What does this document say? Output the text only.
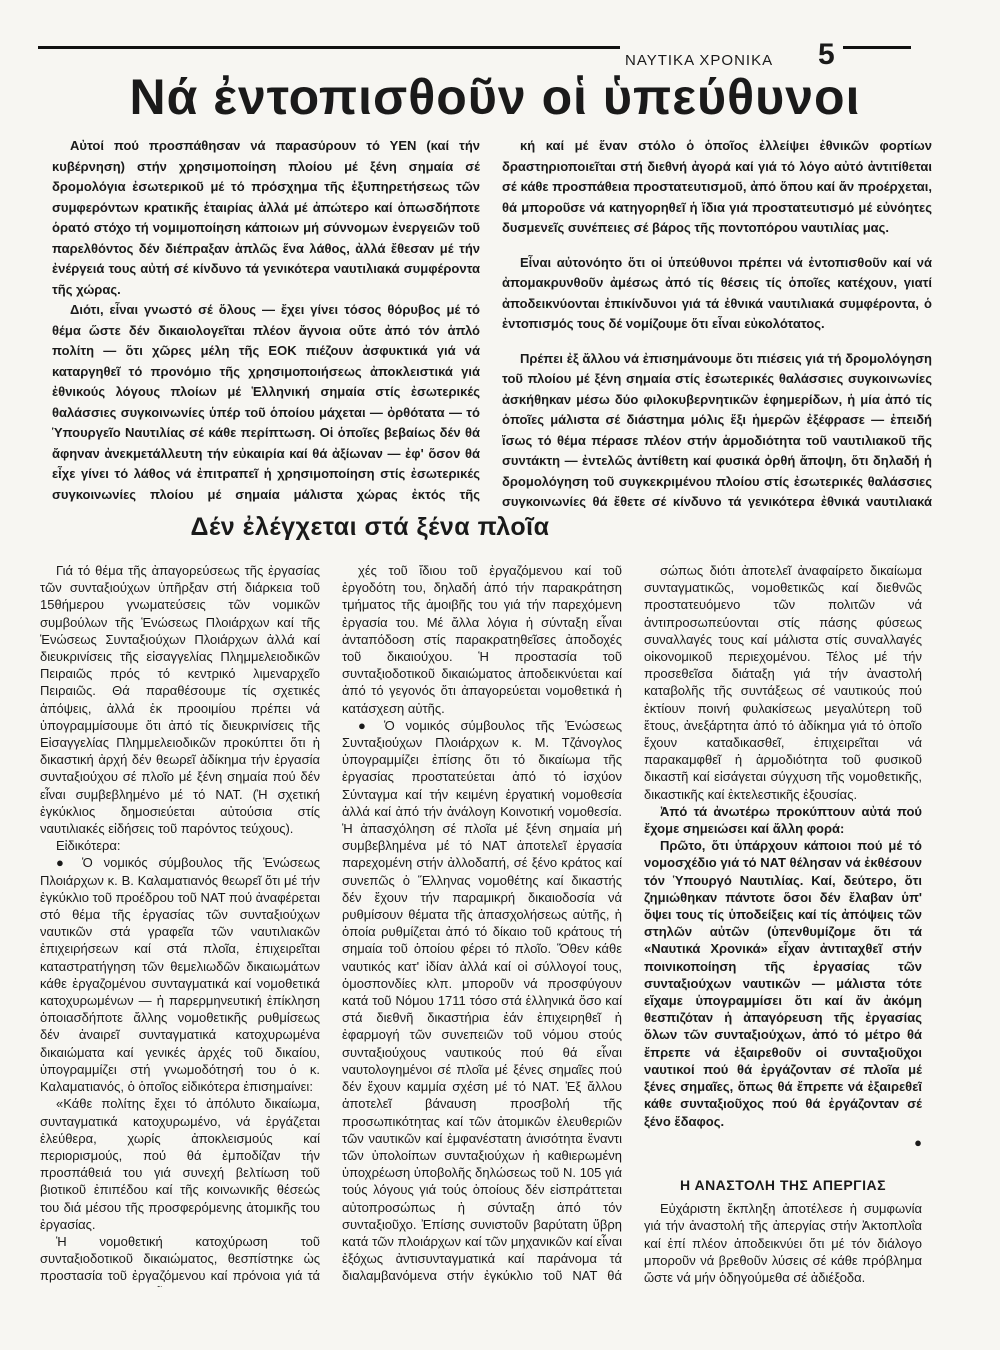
ΝΑΥΤΙΚΑ ΧΡΟΝΙΚΑ 5
Νά ἐντοπισθοῦν οἱ ὑπεύθυνοι

Αὐτοί πού προσπάθησαν νά παρασύρουν τό ΥΕΝ (καί τήν κυβέρνηση) στήν χρησιμοποίηση πλοίου μέ ξένη σημαία σέ δρομολόγια ἐσωτερικοῦ μέ τό πρόσχημα τῆς ἐξυπηρετήσεως τῶν συμφερόντων κρατικῆς ἑταιρίας ἀλλά μέ ἀπώτερο καί ὁπωσδήποτε ὁρατό στόχο τή νομιμοποίηση κάποιων μή σύννομων ἐνεργειῶν τοῦ παρελθόντος δέν διέπραξαν ἁπλῶς ἕνα λάθος, ἀλλά ἔθεσαν μέ τήν ἐνέργειά τους αὐτή σέ κίνδυνο τά γενικότερα ναυτιλιακά συμφέροντα τῆς χώρας.

Διότι, εἶναι γνωστό σέ ὅλους — ἔχει γίνει τόσος θόρυβος μέ τό θέμα ὥστε δέν δικαιολογεῖται πλέον ἄγνοια οὔτε ἀπό τόν ἁπλό πολίτη — ὅτι χῶρες μέλη τῆς ΕΟΚ πιέζουν ἀσφυκτικά γιά νά καταργηθεῖ τό προνόμιο τῆς χρησιμοποιήσεως ἀποκλειστικά γιά ἐθνικούς λόγους πλοίων μέ Ἑλληνική σημαία στίς ἐσωτερικές θαλάσσιες συγκοινωνίες ὑπέρ τοῦ ὁποίου μάχεται — ὀρθότατα — τό Ὑπουργεῖο Ναυτιλίας σέ κάθε περίπτωση. Οἱ ὁποῖες βεβαίως δέν θά ἄφηναν ἀνεκμετάλλευτη τήν εὐκαιρία καί θά ἀξίωναν — ἐφ' ὅσον θά εἶχε γίνει τό λάθος νά ἐπιτραπεῖ ἡ χρησιμοποίηση στίς ἐσωτερικές συγκοινωνίες πλοίου μέ σημαία μάλιστα χώρας ἐκτός τῆς

κή καί μέ ἕναν στόλο ὁ ὁποῖος ἐλλείψει ἐθνικῶν φορτίων δραστηριοποιεῖται στή διεθνή ἀγορά καί γιά τό λόγο αὐτό ἀντιτίθεται σέ κάθε προσπάθεια προστατευτισμοῦ, ἀπό ὅπου καί ἄν προέρχεται, θά μποροῦσε νά κατηγορηθεῖ ἡ ἴδια γιά προστατευτισμό μέ εὐνόητες δυσμενεῖς συνέπειες σέ βάρος τῆς ποντοπόρου ναυτιλίας μας.

Εἶναι αὐτονόητο ὅτι οἱ ὑπεύθυνοι πρέπει νά ἐντοπισθοῦν καί νά ἀπομακρυνθοῦν ἀμέσως ἀπό τίς θέσεις τίς ὁποῖες κατέχουν, γιατί ἀποδεικνύονται ἐπικίνδυνοι γιά τά ἐθνικά ναυτιλιακά συμφέροντα, ὁ ἐντοπισμός τους δέ νομίζουμε ὅτι εἶναι εὐκολότατος.

Πρέπει ἐξ ἄλλου νά ἐπισημάνουμε ὅτι πιέσεις γιά τή δρομολόγηση τοῦ πλοίου μέ ξένη σημαία στίς ἐσωτερικές θαλάσσιες συγκοινωνίες ἀσκήθηκαν μέσω δύο φιλοκυβερνητικῶν ἐφημερίδων, ἡ μία ἀπό τίς ὁποῖες μάλιστα σέ διάστημα μόλις ἕξι ἡμερῶν ἐξέφρασε — ἐπειδή ἴσως τό θέμα πέρασε πλέον στήν ἁρμοδιότητα τοῦ ναυτιλιακοῦ τῆς συντάκτη — ἐντελῶς ἀντίθετη καί φυσικά ὀρθή ἄποψη, ὅτι δηλαδή ἡ δρομολόγηση τοῦ συγκεκριμένου πλοίου στίς ἐσωτερικές θαλάσσιες συγκοινωνίες θά ἔθετε σέ κίνδυνο τά γενικότερα ἐθνικά ναυτιλιακά

Δέν ἐλέγχεται στά ξένα πλοῖα

Γιά τό θέμα τῆς ἀπαγορεύσεως τῆς ἐργασίας τῶν συνταξιούχων ὑπῆρξαν στή διάρκεια τοῦ 15θήμερου γνωματεύσεις τῶν νομικῶν συμβούλων τῆς Ἑνώσεως Πλοιάρχων καί τῆς Ἑνώσεως Συνταξιούχων Πλοιάρχων ἀλλά καί διευκρινίσεις τῆς εἰσαγγελίας Πλημμελειοδικῶν Πειραιῶς πρός τό κεντρικό λιμεναρχεῖο Πειραιῶς. Θά παραθέσουμε τίς σχετικές ἀπόψεις, ἀλλά ἐκ προοιμίου πρέπει νά ὑπογραμμίσουμε ὅτι ἀπό τίς διευκρινίσεις τῆς Εἰσαγγελίας Πλημμελειοδικῶν προκύπτει ὅτι ἡ δικαστική ἀρχή δέν θεωρεῖ ἀδίκημα τήν ἐργασία συνταξιούχου σέ πλοῖο μέ ξένη σημαία πού δέν εἶναι συμβεβλημένο μέ τό ΝΑΤ. (Ἡ σχετική ἐγκύκλιος δημοσιεύεται αὐτούσια στίς ναυτιλιακές εἰδήσεις τοῦ παρόντος τεύχους).

Εἰδικότερα:

● Ὁ νομικός σύμβουλος τῆς Ἑνώσεως Πλοιάρχων κ. Β. Καλαματιανός θεωρεῖ ὅτι μέ τήν ἐγκύκλιο τοῦ προέδρου τοῦ ΝΑΤ πού ἀναφέρεται στό θέμα τῆς ἐργασίας τῶν συνταξιούχων ναυτικῶν στά γραφεῖα τῶν ναυτιλιακῶν ἐπιχειρήσεων καί στά πλοῖα, ἐπιχειρεῖται καταστρατήγηση τῶν θεμελιωδῶν δικαιωμάτων κάθε ἐργαζομένου συνταγματικά καί νομοθετικά κατοχυρωμένων — ἡ παρερμηνευτική ἐπίκληση ὁποιασδήποτε ἄλλης νομοθετικῆς ρυθμίσεως δέν ἀναιρεῖ συνταγματικά κατοχυρωμένα δικαιώματα καί γενικές ἀρχές τοῦ δικαίου, ὑπογραμμίζει στή γνωμοδότησή του ὁ κ. Καλαματιανός, ὁ ὁποῖος εἰδικότερα ἐπισημαίνει:

«Κάθε πολίτης ἔχει τό ἀπόλυτο δικαίωμα, συνταγματικά κατοχυρωμένο, νά ἐργάζεται ἐλεύθερα, χωρίς ἀποκλεισμούς καί περιορισμούς, πού θά ἐμποδίζαν τήν προσπάθειά του γιά συνεχή βελτίωση τοῦ βιοτικοῦ ἐπιπέδου καί τῆς κοινωνικῆς θέσεώς του διά μέσου τῆς προσφερόμενης ἀτομικῆς του ἐργασίας.

Ἡ νομοθετική κατοχύρωση τοῦ συνταξιοδοτικοῦ δικαιώματος, θεσπίστηκε ὡς προστασία τοῦ ἐργαζόμενου καί πρόνοια γιά τά

χές τοῦ ἴδιου τοῦ ἐργαζόμενου καί τοῦ ἐργοδότη του, δηλαδή ἀπό τήν παρακράτηση τμήματος τῆς ἀμοιβῆς του γιά τήν παρεχόμενη ἐργασία του. Μέ ἄλλα λόγια ἡ σύνταξη εἶναι ἀνταπόδοση στίς παρακρατηθεῖσες ἀποδοχές τοῦ δικαιούχου. Ἡ προστασία τοῦ συνταξιοδοτικοῦ δικαιώματος ἀποδεικνύεται καί ἀπό τό γεγονός ὅτι ἀπαγορεύεται νομοθετικά ἡ κατάσχεση αὐτῆς.

● Ὁ νομικός σύμβουλος τῆς Ἑνώσεως Συνταξιούχων Πλοιάρχων κ. Μ. Τζάνογλος ὑπογραμμίζει ἐπίσης ὅτι τό δικαίωμα τῆς ἐργασίας προστατεύεται ἀπό τό ἰσχύον Σύνταγμα καί τήν κειμένη ἐργατική νομοθεσία ἀλλά καί ἀπό τήν ἀνάλογη Κοινοτική νομοθεσία. Ἡ ἀπασχόληση σέ πλοῖα μέ ξένη σημαία μή συμβεβλημένα μέ τό ΝΑΤ ἀποτελεῖ ἐργασία παρεχομένη στήν ἀλλοδαπή, σέ ξένο κράτος καί συνεπῶς ὁ Ἕλληνας νομοθέτης καί δικαστής δέν ἔχουν τήν παραμικρή δικαιοδοσία νά ρυθμίσουν θέματα τῆς ἀπασχολήσεως αὐτῆς, ἡ ὁποία ρυθμίζεται ἀπό τό δίκαιο τοῦ κράτους τή σημαία τοῦ ὁποίου φέρει τό πλοῖο. Ὅθεν κάθε ναυτικός κατ' ἰδίαν ἀλλά καί οἱ σύλλογοί τους, ὁμοσπονδίες κλπ. μποροῦν νά προσφύγουν κατά τοῦ Νόμου 1711 τόσο στά ἑλληνικά ὅσο καί στά διεθνῆ δικαστήρια ἐάν ἐπιχειρηθεῖ ἡ ἐφαρμογή τῶν συνεπειῶν τοῦ νόμου στούς συνταξιούχους ναυτικούς πού θά εἶναι ναυτολογημένοι σέ πλοῖα μέ ξένες σημαῖες πού δέν ἔχουν καμμία σχέση μέ τό ΝΑΤ. Ἐξ ἄλλου ἀποτελεῖ βάναυση προσβολή τῆς προσωπικότητας καί τῶν ἀτομικῶν ἐλευθεριῶν τῶν ναυτικῶν καί ἐμφανέστατη ἀνισότητα ἔναντι τῶν ὑπολοίπων συνταξιούχων ἡ καθιερωμένη ὑποχρέωση ὑποβολῆς δηλώσεως τοῦ Ν. 105 γιά τούς λόγους γιά τούς ὁποίους δέν εἰσπράττεται αὐτοπροσώπως ἡ σύνταξη ἀπό τόν συνταξιοῦχο. Ἐπίσης συνιστοῦν βαρύτατη ὕβρη κατά τῶν πλοιάρχων καί τῶν μηχανικῶν καί εἶναι ἐξόχως ἀντισυνταγματικά καί παράνομα τά διαλαμβανόμενα στήν ἐγκύκλιο τοῦ ΝΑΤ θά

σώπως διότι ἀποτελεῖ ἀναφαίρετο δικαίωμα συνταγματικῶς, νομοθετικῶς καί διεθνῶς προστατευόμενο τῶν πολιτῶν νά ἀντιπροσωπεύονται στίς πάσης φύσεως συναλλαγές τους καί μάλιστα στίς συναλλαγές οἰκονομικοῦ περιεχομένου. Τέλος μέ τήν προσεθεῖσα διάταξη γιά τήν ἀναστολή καταβολῆς τῆς συντάξεως σέ ναυτικούς πού ἐκτίουν ποινή φυλακίσεως μεγαλύτερη τοῦ ἔτους, ἀνεξάρτητα ἀπό τό ἀδίκημα γιά τό ὁποῖο ἔχουν καταδικασθεῖ, ἐπιχειρεῖται νά παρακαμφθεῖ ἡ ἁρμοδιότητα τοῦ φυσικοῦ δικαστῆ καί εἰσάγεται σύγχυση τῆς νομοθετικῆς, δικαστικῆς καί ἐκτελεστικῆς ἐξουσίας.

Ἀπό τά ἀνωτέρω προκύπτουν αὐτά πού ἔχομε σημειώσει καί ἄλλη φορά:

Πρῶτο, ὅτι ὑπάρχουν κάποιοι πού μέ τό νομοσχέδιο γιά τό ΝΑΤ θέλησαν νά ἐκθέσουν τόν Ὑπουργό Ναυτιλίας. Καί, δεύτερο, ὅτι ζημιώθηκαν πάντοτε ὅσοι δέν ἔλαβαν ὑπ' ὄψει τους τίς ὑποδείξεις καί τίς ἀπόψεις τῶν στηλῶν αὐτῶν (ὑπενθυμίζομε ὅτι τά «Ναυτικά Χρονικά» εἶχαν ἀντιταχθεῖ στήν ποινικοποίηση τῆς ἐργασίας τῶν συνταξιούχων ναυτικῶν — μάλιστα τότε εἴχαμε ὑπογραμμίσει ὅτι καί ἄν ἀκόμη θεσπιζόταν ἡ ἀπαγόρευση τῆς ἐργασίας ὅλων τῶν συνταξιούχων, ἀπό τό μέτρο θά ἔπρεπε νά ἐξαιρεθοῦν οἱ συνταξιοῦχοι ναυτικοί πού θά ἐργάζονταν σέ πλοῖα μέ ξένες σημαῖες, ὅπως θά ἔπρεπε νά ἐξαιρεθεῖ κάθε συνταξιοῦχος πού θά ἐργάζονταν σέ ξένο ἔδαφος.

●
Η ΑΝΑΣΤΟΛΗ ΤΗΣ ΑΠΕΡΓΙΑΣ

Εὐχάριστη ἔκπληξη ἀποτέλεσε ἡ συμφωνία γιά τήν ἀναστολή τῆς ἀπεργίας στήν Ἀκτοπλοΐα καί ἐπί πλέον ἀποδεικνύει ὅτι μέ τόν διάλογο μποροῦν νά βρεθοῦν λύσεις σέ κάθε πρόβλημα ὥστε νά μήν ὁδηγούμεθα σέ ἀδιέξοδα.
